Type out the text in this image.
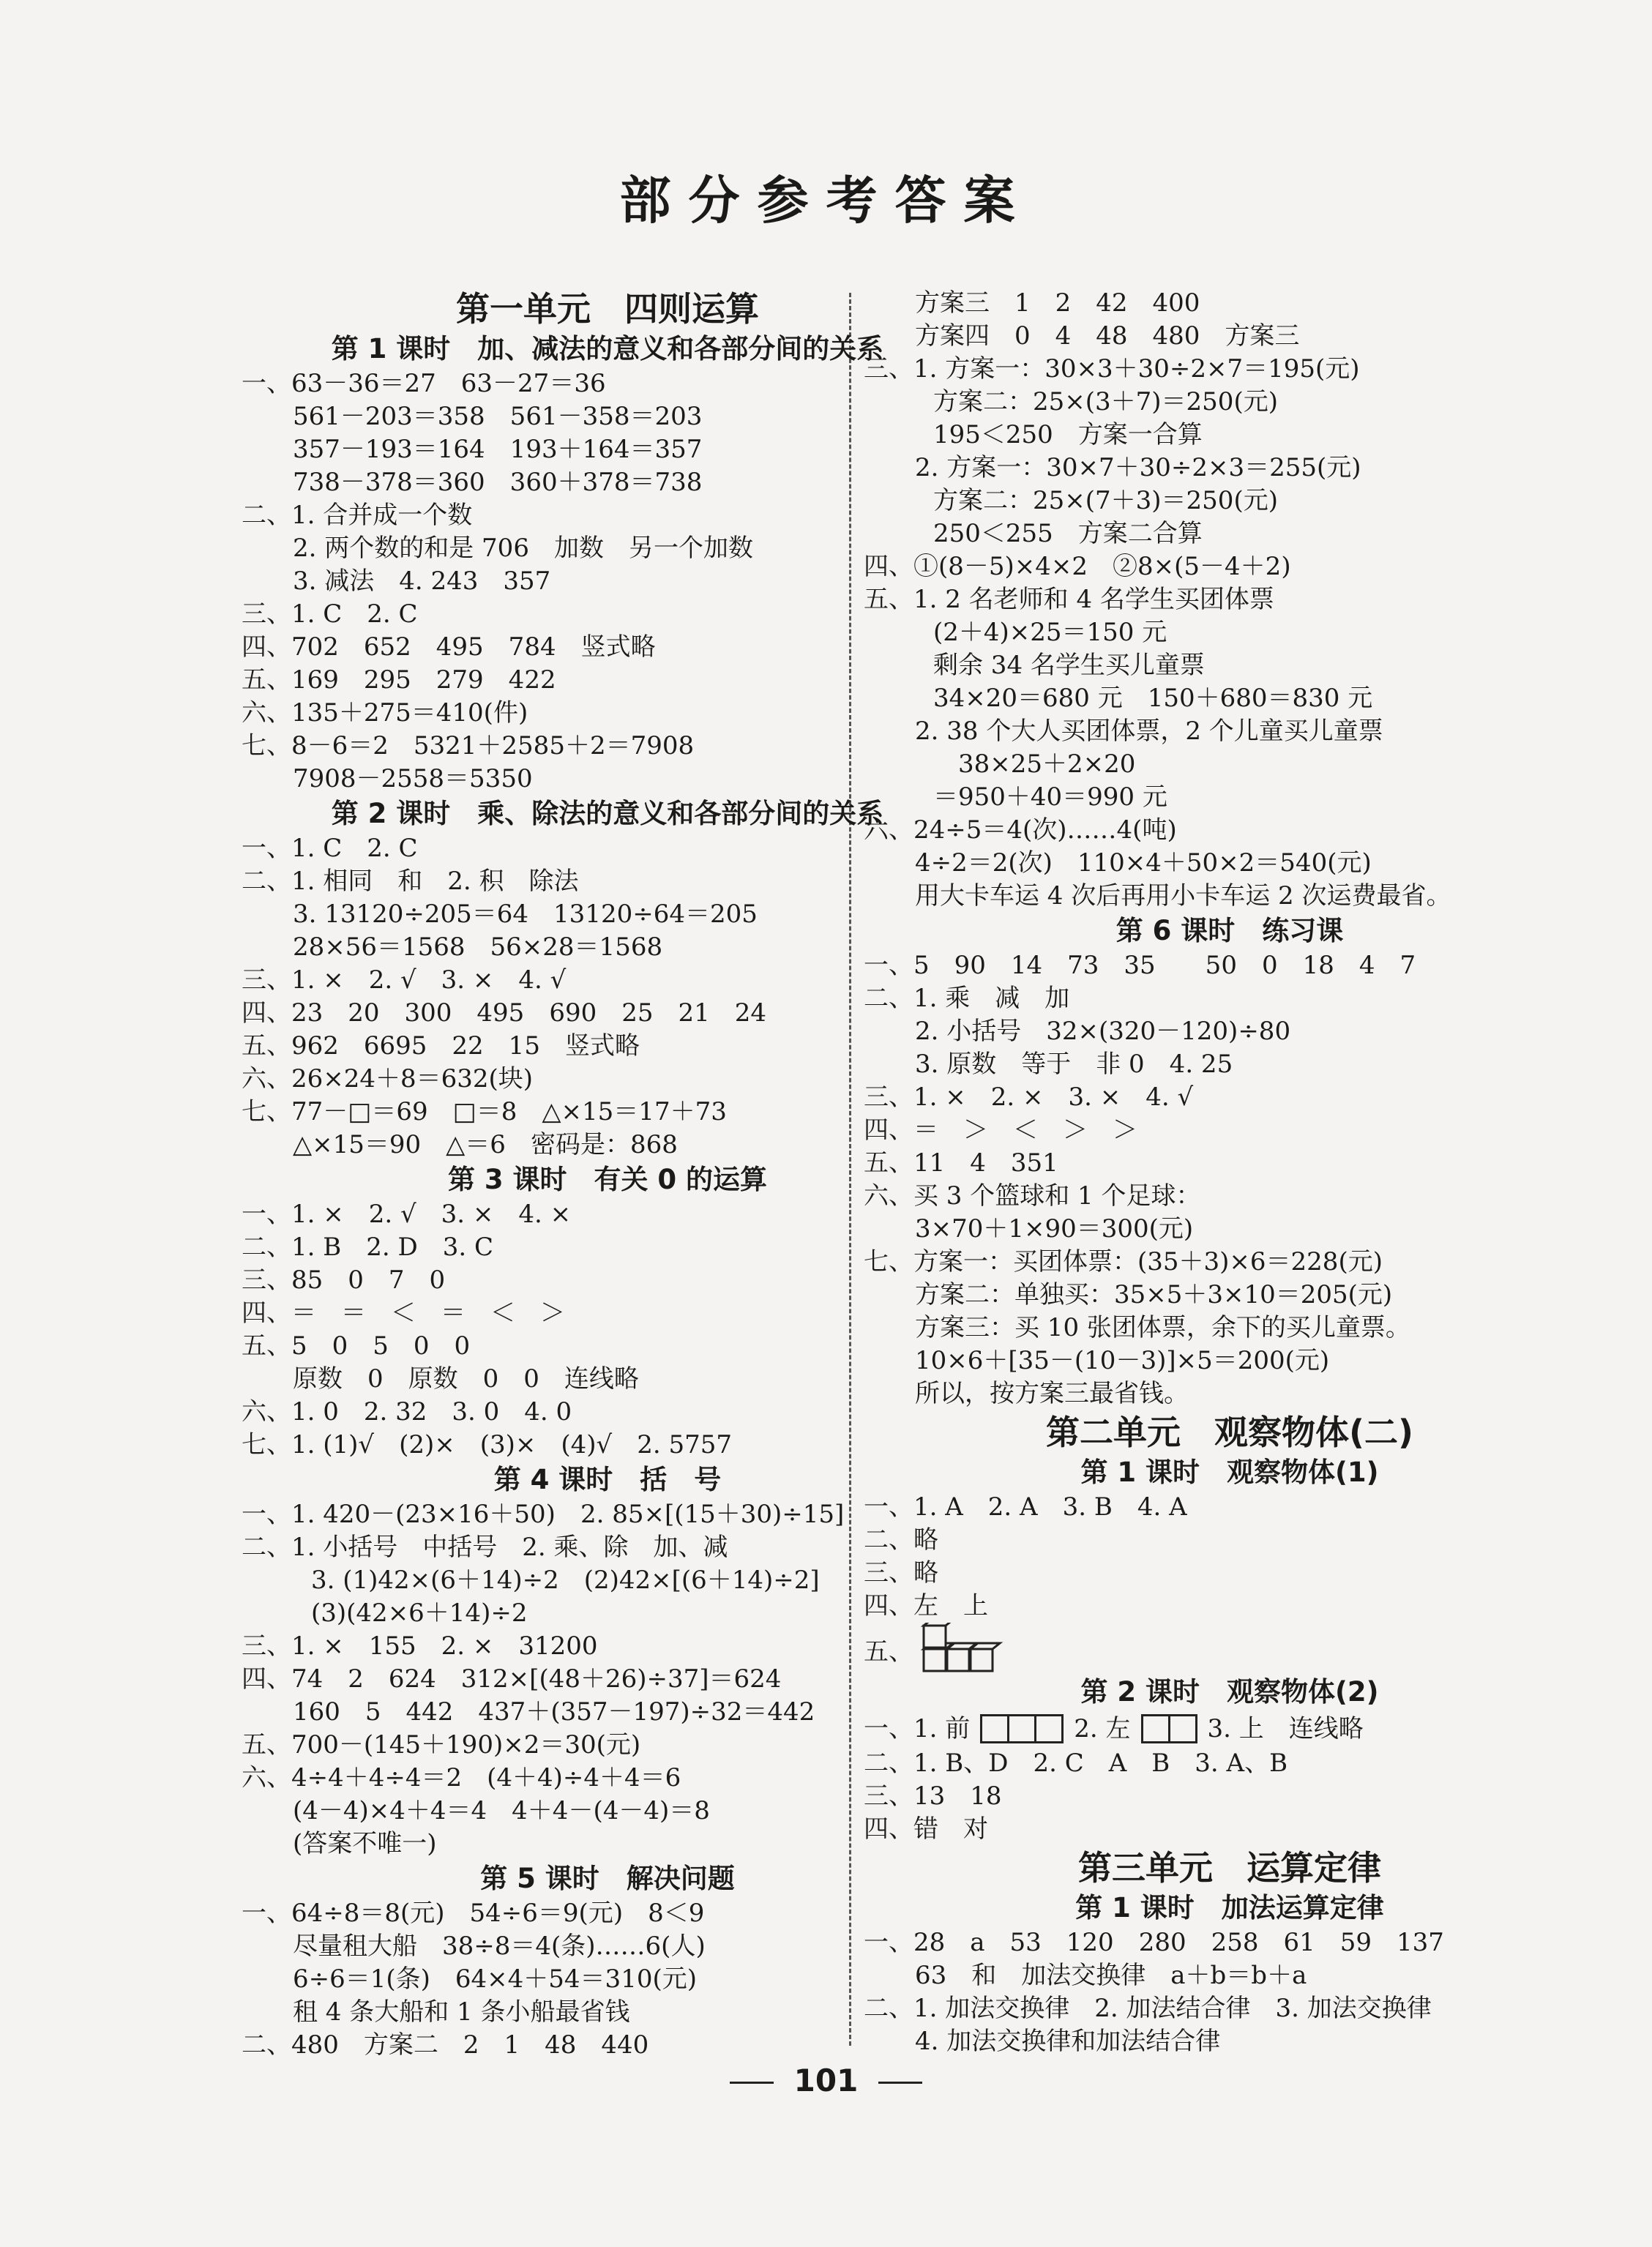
部分参考答案
第一单元　四则运算
第 1 课时　加、减法的意义和各部分间的关系
一、63－36＝27　63－27＝36
561－203＝358　561－358＝203
357－193＝164　193＋164＝357
738－378＝360　360＋378＝738
二、1. 合并成一个数
2. 两个数的和是 706　加数　另一个加数
3. 减法　4. 243　357
三、1. C　2. C
四、702　652　495　784　竖式略
五、169　295　279　422
六、135＋275＝410(件)
七、8－6＝2　5321＋2585＋2＝7908
7908－2558＝5350
第 2 课时　乘、除法的意义和各部分间的关系
一、1. C　2. C
二、1. 相同　和　2. 积　除法
3. 13120÷205＝64　13120÷64＝205
28×56＝1568　56×28＝1568
三、1. ×　2. √　3. ×　4. √
四、23　20　300　495　690　25　21　24
五、962　6695　22　15　竖式略
六、26×24＋8＝632(块)
七、77－□＝69　□＝8　△×15＝17＋73
△×15＝90　△＝6　密码是：868
第 3 课时　有关 0 的运算
一、1. ×　2. √　3. ×　4. ×
二、1. B　2. D　3. C
三、85　0　7　0
四、＝　＝　＜　＝　＜　＞
五、5　0　5　0　0
原数　0　原数　0　0　连线略
六、1. 0　2. 32　3. 0　4. 0
七、1. (1)√　(2)×　(3)×　(4)√　2. 5757
第 4 课时　括　号
一、1. 420－(23×16＋50)　2. 85×[(15＋30)÷15]
二、1. 小括号　中括号　2. 乘、除　加、减
3. (1)42×(6＋14)÷2　(2)42×[(6＋14)÷2]
(3)(42×6＋14)÷2
三、1. ×　155　2. ×　31200
四、74　2　624　312×[(48＋26)÷37]＝624
160　5　442　437＋(357－197)÷32＝442
五、700－(145＋190)×2＝30(元)
六、4÷4＋4÷4＝2　(4＋4)÷4＋4＝6
(4－4)×4＋4＝4　4＋4－(4－4)＝8
(答案不唯一)
第 5 课时　解决问题
一、64÷8＝8(元)　54÷6＝9(元)　8＜9
尽量租大船　38÷8＝4(条)……6(人)
6÷6＝1(条)　64×4＋54＝310(元)
租 4 条大船和 1 条小船最省钱
二、480　方案二　2　1　48　440
方案三　1　2　42　400
方案四　0　4　48　480　方案三
三、1. 方案一：30×3＋30÷2×7＝195(元)
方案二：25×(3＋7)＝250(元)
195＜250　方案一合算
2. 方案一：30×7＋30÷2×3＝255(元)
方案二：25×(7＋3)＝250(元)
250＜255　方案二合算
四、①(8－5)×4×2　②8×(5－4＋2)
五、1. 2 名老师和 4 名学生买团体票
(2＋4)×25＝150 元
剩余 34 名学生买儿童票
34×20＝680 元　150＋680＝830 元
2. 38 个大人买团体票，2 个儿童买儿童票
　38×25＋2×20
＝950＋40＝990 元
六、24÷5＝4(次)……4(吨)
4÷2＝2(次)　110×4＋50×2＝540(元)
用大卡车运 4 次后再用小卡车运 2 次运费最省。
第 6 课时　练习课
一、5　90　14　73　35　　50　0　18　4　7
二、1. 乘　减　加
2. 小括号　32×(320－120)÷80
3. 原数　等于　非 0　4. 25
三、1. ×　2. ×　3. ×　4. √
四、＝　＞　＜　＞　＞
五、11　4　351
六、买 3 个篮球和 1 个足球：
3×70＋1×90＝300(元)
七、方案一：买团体票：(35＋3)×6＝228(元)
方案二：单独买：35×5＋3×10＝205(元)
方案三：买 10 张团体票，余下的买儿童票。
10×6＋[35－(10－3)]×5＝200(元)
所以，按方案三最省钱。
第二单元　观察物体(二)
第 1 课时　观察物体(1)
一、1. A　2. A　3. B　4. A
二、略
三、略
四、左　上
五、
第 2 课时　观察物体(2)
一、1. 前	2. 左	3. 上　连线略
二、1. B、D　2. C　A　B　3. A、B
三、13　18
四、错　对
第三单元　运算定律
第 1 课时　加法运算定律
一、28　a　53　120　280　258　61　59　137
63　和　加法交换律　a＋b＝b＋a
二、1. 加法交换律　2. 加法结合律　3. 加法交换律
4. 加法交换律和加法结合律
101
